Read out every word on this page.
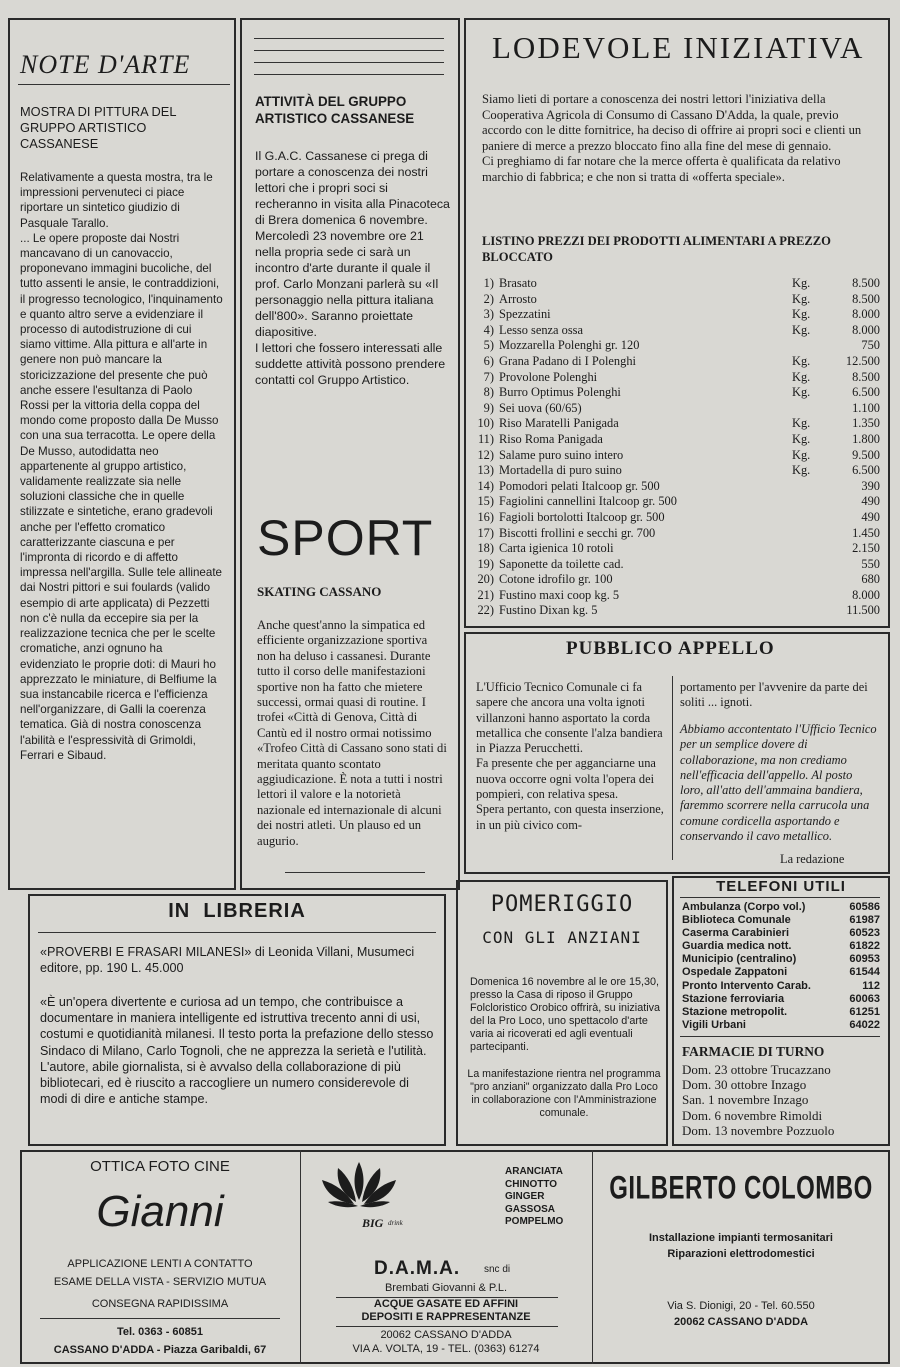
NOTE D'ARTE
MOSTRA DI PITTURA DEL GRUPPO ARTISTICO CASSANESE

Relativamente a questa mostra, tra le impressioni pervenuteci ci piace riportare un sintetico giudizio di Pasquale Tarallo.

... Le opere proposte dai Nostri mancavano di un canovaccio, proponevano immagini bucoliche, del tutto assenti le ansie, le contraddizioni, il progresso tecnologico, l'inquinamento e quanto altro serve a evidenziare il processo di autodistruzione di cui siamo vittime. Alla pittura e all'arte in genere non può mancare la storicizzazione del presente che può anche essere l'esultanza di Paolo Rossi per la vittoria della coppa del mondo come proposto dalla De Musso con una sua terracotta. Le opere della De Musso, autodidatta neo appartenente al gruppo artistico, validamente realizzate sia nelle soluzioni classiche che in quelle stilizzate e sintetiche, erano gradevoli anche per l'effetto cromatico caratterizzante ciascuna e per l'impronta di ricordo e di affetto impressa nell'argilla. Sulle tele allineate dai Nostri pittori e sui foulards (valido esempio di arte applicata) di Pezzetti non c'è nulla da eccepire sia per la realizzazione tecnica che per le scelte cromatiche, anzi ognuno ha evidenziato le proprie doti: di Mauri ho apprezzato le miniature, di Belfiume la sua instancabile ricerca e l'efficienza nell'organizzare, di Galli la coerenza tematica. Già di nostra conoscenza l'abilità e l'espressività di Grimoldi, Ferrari e Sibaud.

ATTIVITÀ DEL GRUPPO ARTISTICO CASSANESE

Il G.A.C. Cassanese ci prega di portare a conoscenza dei nostri lettori che i propri soci si recheranno in visita alla Pinacoteca di Brera domenica 6 novembre.

Mercoledì 23 novembre ore 21 nella propria sede ci sarà un incontro d'arte durante il quale il prof. Carlo Monzani parlerà su «Il personaggio nella pittura italiana dell'800». Saranno proiettate diapositive.

I lettori che fossero interessati alle suddette attività possono prendere contatti col Gruppo Artistico.

SPORT
SKATING CASSANO
Anche quest'anno la simpatica ed efficiente organizzazione sportiva non ha deluso i cassanesi. Durante tutto il corso delle manifestazioni sportive non ha fatto che mietere successi, ormai quasi di routine. I trofei «Città di Genova, Città di Cantù ed il nostro ormai notissimo «Trofeo Città di Cassano sono stati di meritata quanto scontato aggiudicazione. È nota a tutti i nostri lettori il valore e la notorietà nazionale ed internazionale di alcuni dei nostri atleti. Un plauso ed un augurio.
LODEVOLE INIZIATIVA

Siamo lieti di portare a conoscenza dei nostri lettori l'iniziativa della Cooperativa Agricola di Consumo di Cassano D'Adda, la quale, previo accordo con le ditte fornitrice, ha deciso di offrire ai propri soci e clienti un paniere di merce a prezzo bloccato fino alla fine del mese di gennaio.

Ci preghiamo di far notare che la merce offerta è qualificata da relativo marchio di fabbrica; e che non si tratta di «offerta speciale».

LISTINO PREZZI DEI PRODOTTI ALIMENTARI A PREZZO BLOCCATO
1) Brasato	Kg.	8.500
2) Arrosto	Kg.	8.500
3) Spezzatini	Kg.	8.000
4) Lesso senza ossa	Kg.	8.000
5) Mozzarella Polenghi gr. 120	750
6) Grana Padano di I Polenghi	Kg.	12.500
7) Provolone Polenghi	Kg.	8.500
8) Burro Optimus Polenghi	Kg.	6.500
9) Sei uova (60/65)	1.100
10) Riso Maratelli Panigada	Kg.	1.350
11) Riso Roma Panigada	Kg.	1.800
12) Salame puro suino intero	Kg.	9.500
13) Mortadella di puro suino	Kg.	6.500
14) Pomodori pelati Italcoop gr. 500	390
15) Fagiolini cannellini Italcoop gr. 500	490
16) Fagioli bortolotti Italcoop gr. 500	490
17) Biscotti frollini e secchi gr. 700	1.450
18) Carta igienica 10 rotoli	2.150
19) Saponette da toilette cad.	550
20) Cotone idrofilo gr. 100	680
21) Fustino maxi coop kg. 5	8.000
22) Fustino Dixan kg. 5	11.500
PUBBLICO APPELLO

L'Ufficio Tecnico Comunale ci fa sapere che ancora una volta ignoti villanzoni hanno asportato la corda metallica che consente l'alza bandiera in Piazza Perucchetti.

Fa presente che per agganciarne una nuova occorre ogni volta l'opera dei pompieri, con relativa spesa.

Spera pertanto, con questa inserzione, in un più civico com-

portamento per l'avvenire da parte dei soliti ... ignoti.
Abbiamo accontentato l'Ufficio Tecnico per un semplice dovere di collaborazione, ma non crediamo nell'efficacia dell'appello. Al posto loro, all'atto dell'ammaina bandiera, faremmo scorrere nella carrucola una comune cordicella asportando e conservando il cavo metallico.
La redazione
IN  LIBRERIA
«PROVERBI E FRASARI MILANESI» di Leonida Villani, Musumeci editore, pp. 190 L. 45.000
«È un'opera divertente e curiosa ad un tempo, che contribuisce a documentare in maniera intelligente ed istruttiva trecento anni di usi, costumi e quotidianità milanesi. Il testo porta la prefazione dello stesso Sindaco di Milano, Carlo Tognoli, che ne apprezza la serietà e l'utilità. L'autore, abile giornalista, si è avvalso della collaborazione di più bibliotecari, ed è riuscito a raccogliere un numero considerevole di modi di dire e antiche stampe.
POMERIGGIO
CON GLI ANZIANI
Domenica 16 novembre al le ore 15,30, presso la Casa di riposo il Gruppo Folcloristico Orobico offrirà, su iniziativa del la Pro Loco, uno spettacolo d'arte varia ai ricoverati ed agli eventuali partecipanti.
La manifestazione rientra nel programma "pro anziani" organizzato dalla Pro Loco in collaborazione con l'Amministrazione comunale.
TELEFONI UTILI
Ambulanza (Corpo vol.)	60586
Biblioteca Comunale	61987
Caserma Carabinieri	60523
Guardia medica nott.	61822
Municipio (centralino)	60953
Ospedale Zappatoni	61544
Pronto Intervento Carab.	112
Stazione ferroviaria	60063
Stazione metropolit.	61251
Vigili Urbani	64022
FARMACIE DI TURNO
Dom. 23 ottobre Trucazzano
Dom. 30 ottobre Inzago
San. 1 novembre Inzago
Dom. 6 novembre Rimoldi
Dom. 13 novembre Pozzuolo
OTTICA FOTO CINE
Gianni
APPLICAZIONE LENTI A CONTATTO
ESAME DELLA VISTA - SERVIZIO MUTUA
CONSEGNA RAPIDISSIMA
Tel. 0363 - 60851
CASSANO D'ADDA - Piazza Garibaldi, 67
BIG drink
ARANCIATA
CHINOTTO
GINGER
GASSOSA
POMPELMO
D.A.M.A. snc di
Brembati Giovanni & P.L.
ACQUE GASATE ED AFFINI
DEPOSITI E RAPPRESENTANZE
20062 CASSANO D'ADDA
VIA A. VOLTA, 19 - TEL. (0363) 61274
GILBERTO COLOMBO
Installazione impianti termosanitari
Riparazioni elettrodomestici
Via S. Dionigi, 20 - Tel. 60.550
20062 CASSANO D'ADDA
